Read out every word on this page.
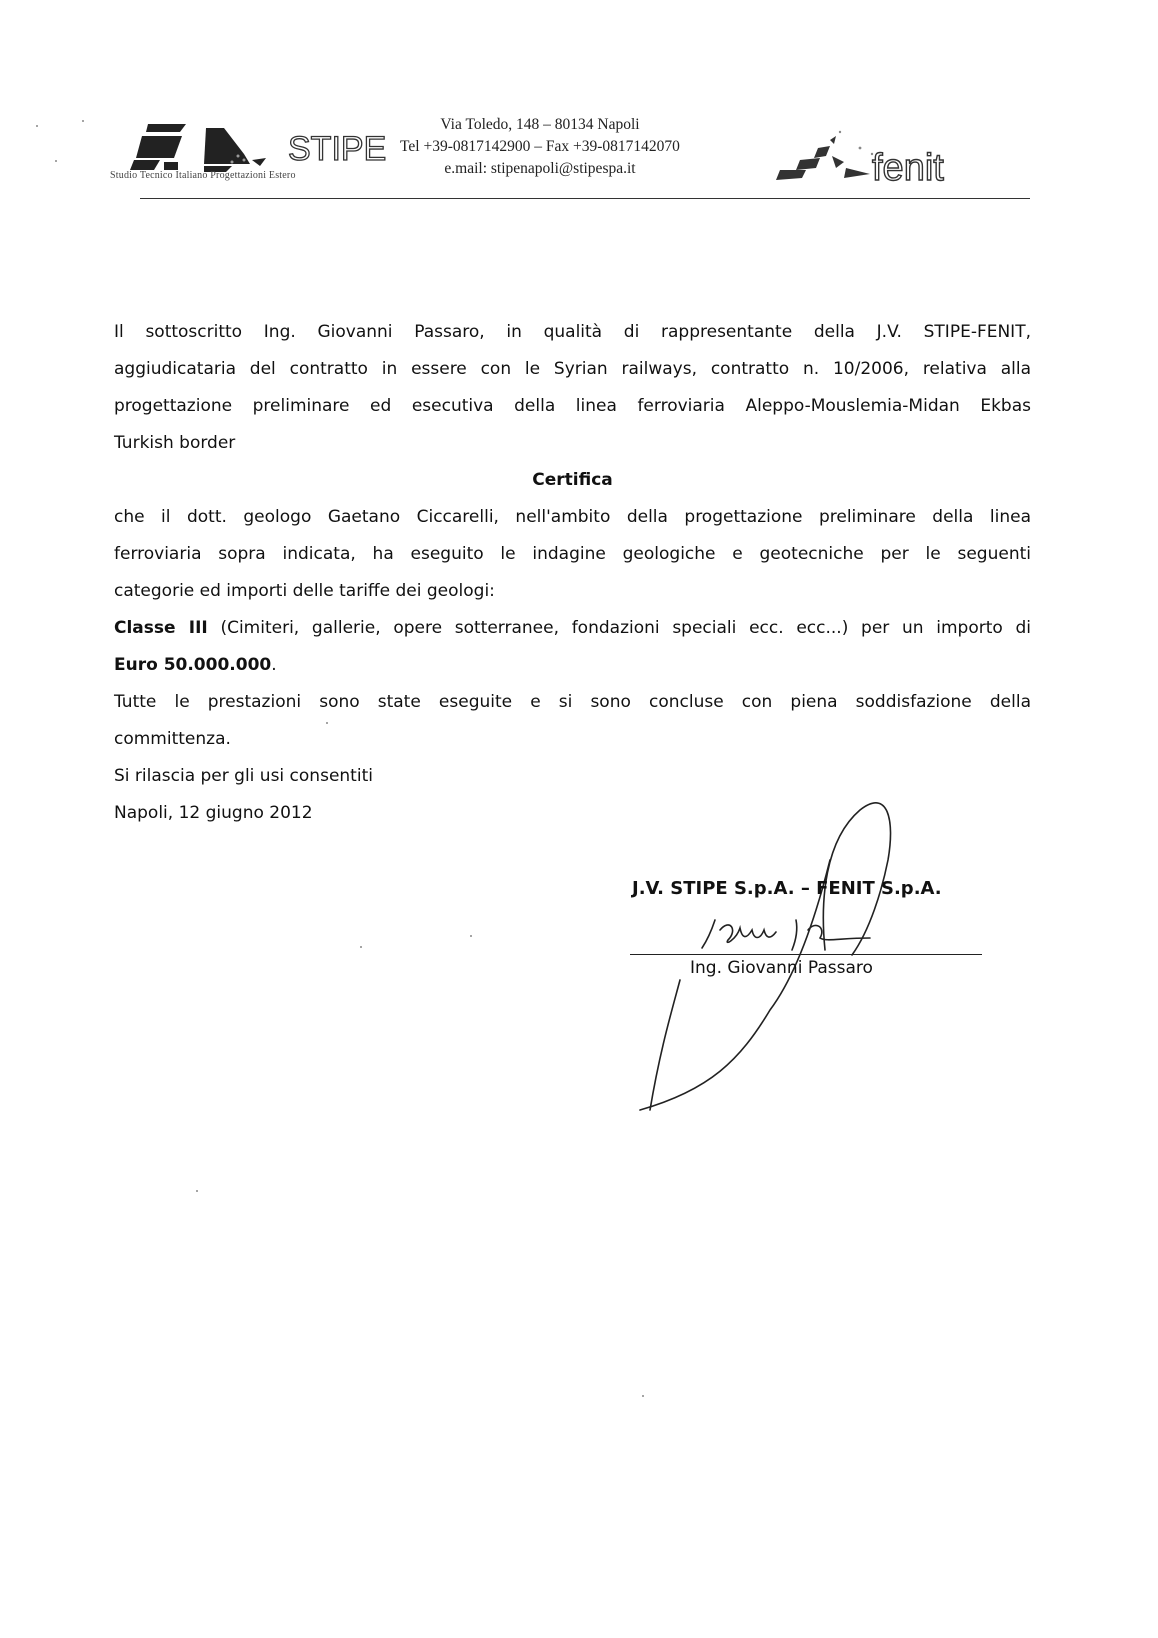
STIPE
Studio Tecnico Italiano Progettazioni Estero
Via Toledo, 148 – 80134 Napoli
Tel +39-0817142900 – Fax +39-0817142070
e.mail: stipenapoli@stipespa.it	fenit

Il sottoscritto Ing. Giovanni Passaro, in qualità di rappresentante della J.V. STIPE-FENIT,

aggiudicataria del contratto in essere con le Syrian railways, contratto n. 10/2006, relativa alla

progettazione preliminare ed esecutiva della linea ferroviaria Aleppo-Mouslemia-Midan Ekbas

Turkish border

Certifica

che il dott. geologo Gaetano Ciccarelli, nell'ambito della progettazione preliminare della linea

ferroviaria sopra indicata, ha eseguito le indagine geologiche e geotecniche per le seguenti

categorie ed importi delle tariffe dei geologi:

Classe III (Cimiteri, gallerie, opere sotterranee, fondazioni speciali ecc. ecc...) per un importo di

Euro 50.000.000.

Tutte le prestazioni sono state eseguite e si sono concluse con piena soddisfazione della

committenza.

Si rilascia per gli usi consentiti

Napoli, 12 giugno 2012

J.V. STIPE S.p.A. – FENIT S.p.A.
Ing. Giovanni Passaro
